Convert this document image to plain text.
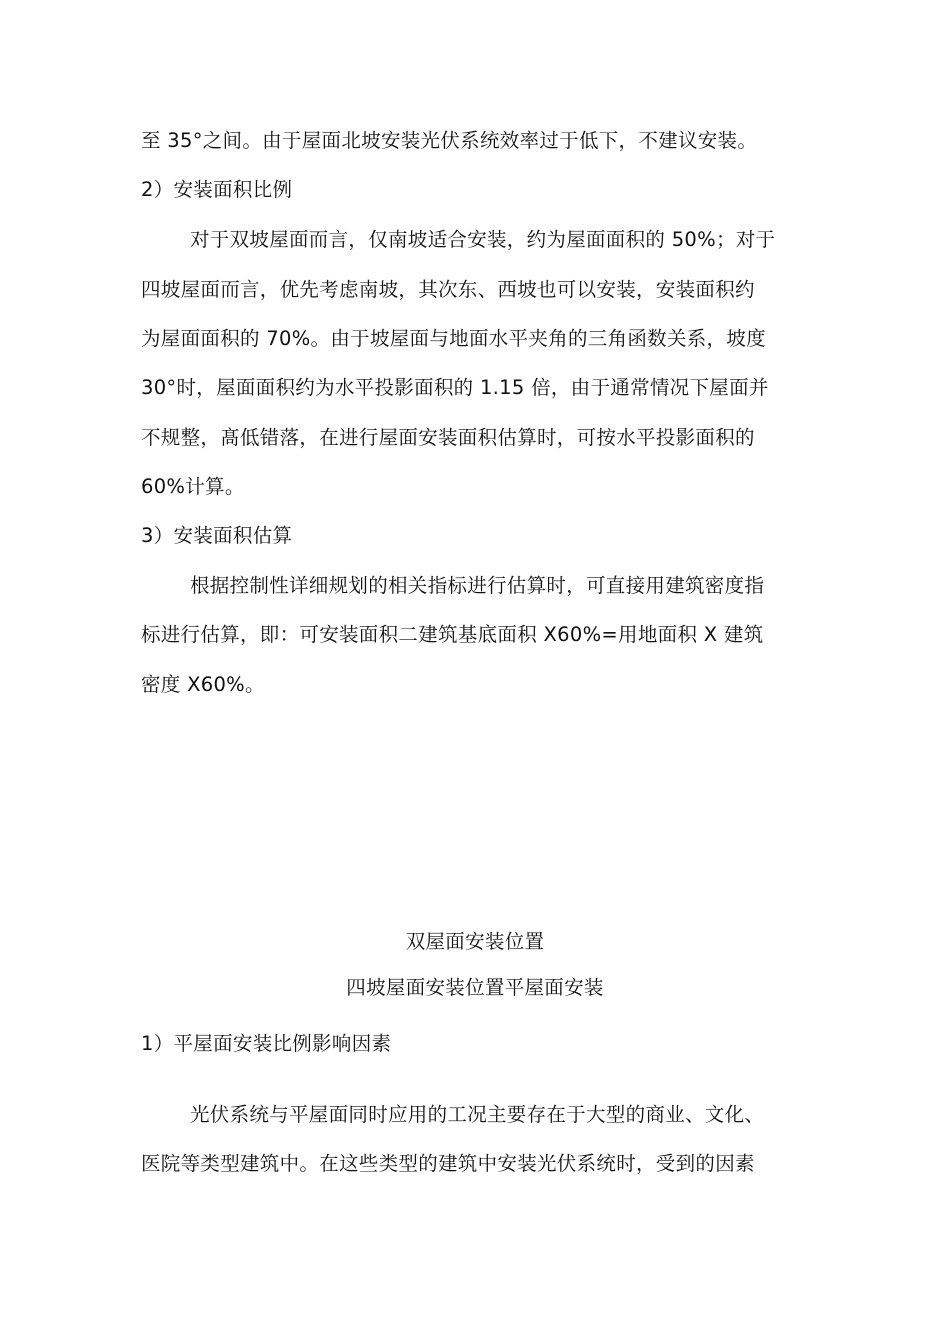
至 35°之间。由于屋面北坡安装光伏系统效率过于低下，不建议安装。
2）安装面积比例
对于双坡屋面而言，仅南坡适合安装，约为屋面面积的 50%；对于
四坡屋面而言，优先考虑南坡，其次东、西坡也可以安装，安装面积约
为屋面面积的 70%。由于坡屋面与地面水平夹角的三角函数关系，坡度
30°时，屋面面积约为水平投影面积的 1.15 倍，由于通常情况下屋面并
不规整，髙低错落，在进行屋面安装面积估算时，可按水平投影面积的
60%计算。
3）安装面积估算
根据控制性详细规划的相关指标进行估算时，可直接用建筑密度指
标进行估算，即：可安装面积二建筑基底面积 X60%=用地面积 X 建筑
密度 X60%。
双屋面安装位置
四坡屋面安装位置平屋面安装
1）平屋面安装比例影响因素
光伏系统与平屋面同时应用的工况主要存在于大型的商业、文化、
医院等类型建筑中。在这些类型的建筑中安装光伏系统时，受到的因素
